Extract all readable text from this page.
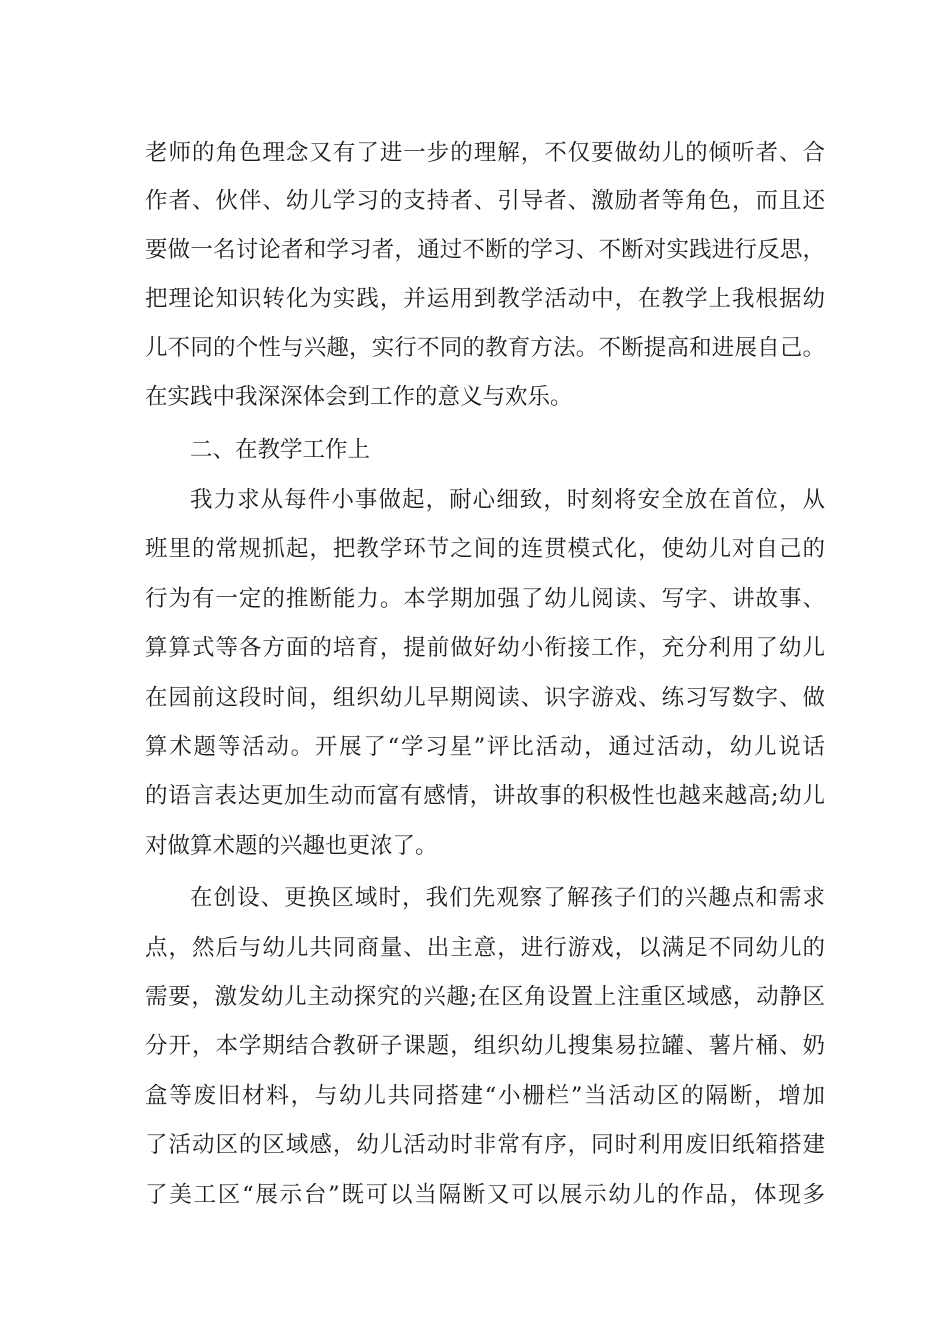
老师的角色理念又有了进一步的理解，不仅要做幼儿的倾听者、合
作者、伙伴、幼儿学习的支持者、引导者、激励者等角色，而且还
要做一名讨论者和学习者，通过不断的学习、不断对实践进行反思，
把理论知识转化为实践，并运用到教学活动中，在教学上我根据幼
儿不同的个性与兴趣，实行不同的教育方法。不断提高和进展自己。
在实践中我深深体会到工作的意义与欢乐。
二、在教学工作上
我力求从每件小事做起，耐心细致，时刻将安全放在首位，从
班里的常规抓起，把教学环节之间的连贯模式化，使幼儿对自己的
行为有一定的推断能力。本学期加强了幼儿阅读、写字、讲故事、
算算式等各方面的培育，提前做好幼小衔接工作，充分利用了幼儿
在园前这段时间，组织幼儿早期阅读、识字游戏、练习写数字、做
算术题等活动。开展了“学习星”评比活动，通过活动，幼儿说话
的语言表达更加生动而富有感情，讲故事的积极性也越来越高;幼儿
对做算术题的兴趣也更浓了。
在创设、更换区域时，我们先观察了解孩子们的兴趣点和需求
点，然后与幼儿共同商量、出主意，进行游戏，以满足不同幼儿的
需要，激发幼儿主动探究的兴趣;在区角设置上注重区域感，动静区
分开，本学期结合教研子课题，组织幼儿搜集易拉罐、薯片桶、奶
盒等废旧材料，与幼儿共同搭建“小栅栏”当活动区的隔断，增加
了活动区的区域感，幼儿活动时非常有序，同时利用废旧纸箱搭建
了美工区“展示台”既可以当隔断又可以展示幼儿的作品，体现多
